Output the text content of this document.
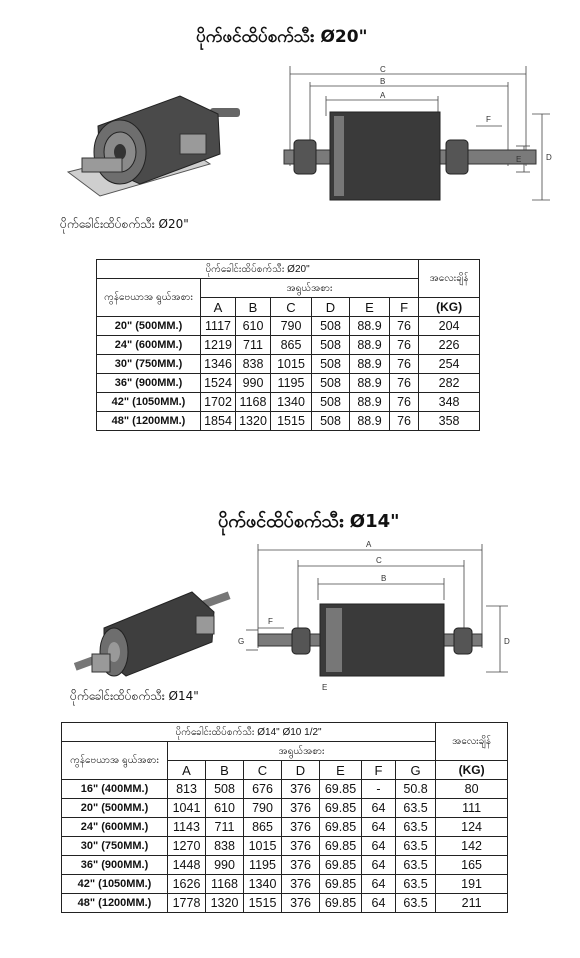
ပိုက်ဖင်ထိပ်စက်သီး Ø20"
ပိုက်ခေါင်းထိပ်စက်သီး Ø20"
C
B
A
F
E	D
ပိုက်ခေါင်းထိပ်စက်သီး Ø20"							အလေးချိန်
ကွန်ဗေယာအ ရွယ်အစား	အရွယ်အစား						
	A	B	C	D	E	F	(KG)
20" (500MM.)	1117	610	790	508	88.9	76	204
24" (600MM.)	1219	711	865	508	88.9	76	226
30" (750MM.)	1346	838	1015	508	88.9	76	254
36" (900MM.)	1524	990	1195	508	88.9	76	282
42" (1050MM.)	1702	1168	1340	508	88.9	76	348
48" (1200MM.)	1854	1320	1515	508	88.9	76	358
ပိုက်ဖင်ထိပ်စက်သီး Ø14"
ပိုက်ခေါင်းထိပ်စက်သီး Ø14"
A
C
B
F
G	D
E
ပိုက်ခေါင်းထိပ်စက်သီး Ø14" Ø10 1/2"								အလေးချိန်
ကွန်ဗေယာအ ရွယ်အစား	အရွယ်အစား							
	A	B	C	D	E	F	G	(KG)
16" (400MM.)	813	508	676	376	69.85	-	50.8	80
20" (500MM.)	1041	610	790	376	69.85	64	63.5	111
24" (600MM.)	1143	711	865	376	69.85	64	63.5	124
30" (750MM.)	1270	838	1015	376	69.85	64	63.5	142
36" (900MM.)	1448	990	1195	376	69.85	64	63.5	165
42" (1050MM.)	1626	1168	1340	376	69.85	64	63.5	191
48" (1200MM.)	1778	1320	1515	376	69.85	64	63.5	211
